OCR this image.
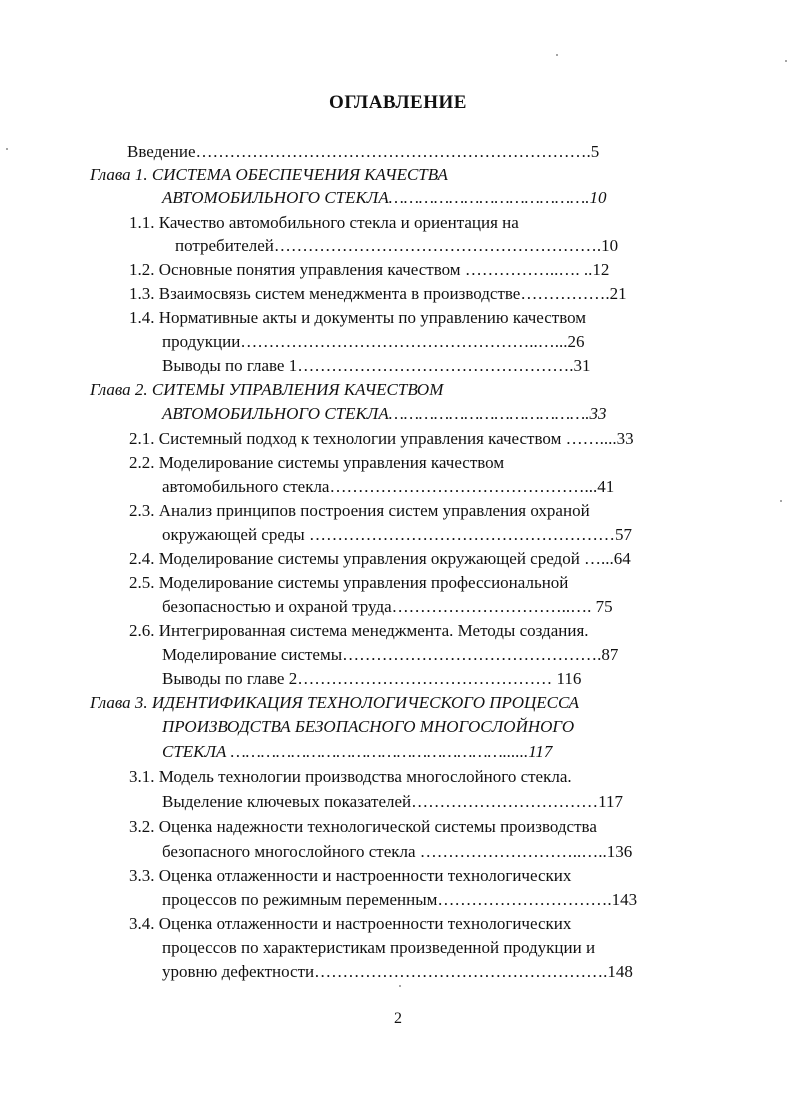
ОГЛАВЛЕНИЕ
Введение…………………………………………………………….5
Глава 1. СИСТЕМА ОБЕСПЕЧЕНИЯ КАЧЕСТВА
АВТОМОБИЛЬНОГО СТЕКЛА………………………………….10
1.1. Качество автомобильного стекла и ориентация на
потребителей………………………………………………….10
1.2. Основные понятия управления качеством ……………..…. ..12
1.3. Взаимосвязь систем менеджмента в производстве…………….21
1.4. Нормативные акты и документы по управлению качеством
продукции……………………………………………..…...26
Выводы по главе 1………………………………………….31
Глава 2. СИТЕМЫ УПРАВЛЕНИЯ КАЧЕСТВОМ
АВТОМОБИЛЬНОГО СТЕКЛА………………………………….33
2.1. Системный подход к технологии управления качеством ……....33
2.2. Моделирование системы управления качеством
автомобильного стекла………………………………………...41
2.3. Анализ принципов построения систем управления охраной
окружающей среды ………………………………………………57
2.4. Моделирование системы управления окружающей средой …...64
2.5. Моделирование системы управления профессиональной
безопасностью и охраной труда…………………………..…. 75
2.6. Интегрированная система менеджмента. Методы создания.
Моделирование системы……………………………………….87
Выводы по главе 2……………………………………… 116
Глава 3. ИДЕНТИФИКАЦИЯ ТЕХНОЛОГИЧЕСКОГО ПРОЦЕССА
ПРОИЗВОДСТВА БЕЗОПАСНОГО МНОГОСЛОЙНОГО
СТЕКЛА ………………………………………………......117
3.1. Модель технологии производства многослойного стекла.
Выделение ключевых показателей……………………………117
3.2. Оценка надежности технологической системы производства
безопасного многослойного стекла ………………………..…..136
3.3. Оценка отлаженности и настроенности технологических
процессов по режимным переменным………………………….143
3.4. Оценка отлаженности и настроенности технологических
процессов по характеристикам произведенной продукции и
уровню дефектности…………………………………………….148
2
